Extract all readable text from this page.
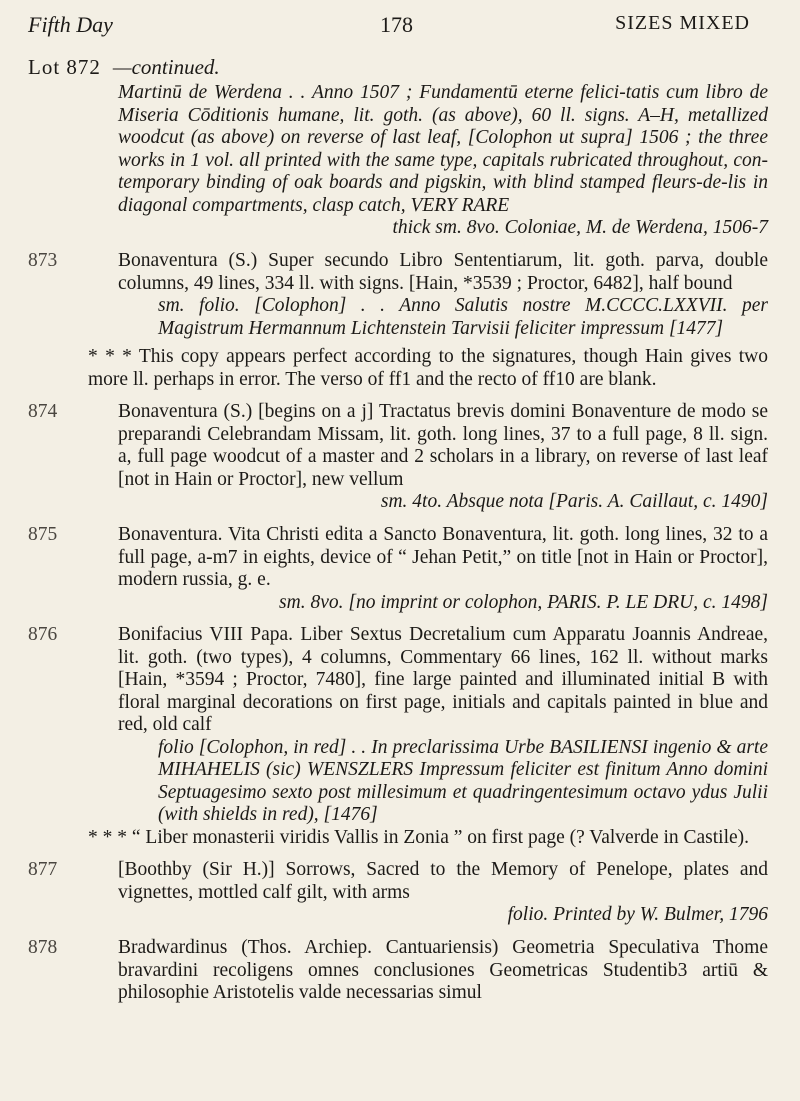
Fifth Day	178	SIZES MIXED
Lot 872 —continued.
Martinū de Werdena . . Anno 1507 ; Fundamentū eterne felici-tatis cum libro de Miseria Cōditionis humane, lit. goth. (as above), 60 ll. signs. A–H, metallized woodcut (as above) on reverse of last leaf, [Colophon ut supra] 1506 ; the three works in 1 vol. all printed with the same type, capitals rubricated throughout, con-temporary binding of oak boards and pigskin, with blind stamped fleurs-de-lis in diagonal compartments, clasp catch, VERY RARE
thick sm. 8vo. Coloniae, M. de Werdena, 1506-7
873	Bonaventura (S.) Super secundo Libro Sententiarum, lit. goth. parva, double columns, 49 lines, 334 ll. with signs. [Hain, *3539 ; Proctor, 6482], half bound
sm. folio. [Colophon] . . Anno Salutis nostre M.CCCC.LXXVII. per Magistrum Hermannum Lichtenstein Tarvisii feliciter impressum [1477]
* * * This copy appears perfect according to the signatures, though Hain gives two more ll. perhaps in error. The verso of ff1 and the recto of ff10 are blank.
874	Bonaventura (S.) [begins on a j] Tractatus brevis domini Bonaventure de modo se preparandi Celebrandam Missam, lit. goth. long lines, 37 to a full page, 8 ll. sign. a, full page woodcut of a master and 2 scholars in a library, on reverse of last leaf [not in Hain or Proctor], new vellum
sm. 4to. Absque nota [Paris. A. Caillaut, c. 1490]
875	Bonaventura. Vita Christi edita a Sancto Bonaventura, lit. goth. long lines, 32 to a full page, a-m7 in eights, device of “ Jehan Petit,” on title [not in Hain or Proctor], modern russia, g. e.
sm. 8vo. [no imprint or colophon, PARIS. P. LE DRU, c. 1498]
876	Bonifacius VIII Papa. Liber Sextus Decretalium cum Apparatu Joannis Andreae, lit. goth. (two types), 4 columns, Commentary 66 lines, 162 ll. without marks [Hain, *3594 ; Proctor, 7480], fine large painted and illuminated initial B with floral marginal decorations on first page, initials and capitals painted in blue and red, old calf
folio [Colophon, in red] . . In preclarissima Urbe BASILIENSI ingenio & arte MIHAHELIS (sic) WENSZLERS Impressum feliciter est finitum Anno domini Septuagesimo sexto post millesimum et quadringentesimum octavo ydus Julii (with shields in red), [1476]
* * * “ Liber monasterii viridis Vallis in Zonia ” on first page (? Valverde in Castile).
877	[Boothby (Sir H.)] Sorrows, Sacred to the Memory of Penelope, plates and vignettes, mottled calf gilt, with arms
folio. Printed by W. Bulmer, 1796
878	Bradwardinus (Thos. Archiep. Cantuariensis) Geometria Speculativa Thome bravardini recoligens omnes conclusiones Geometricas Studentib3 artiū & philosophie Aristotelis valde necessarias simul
